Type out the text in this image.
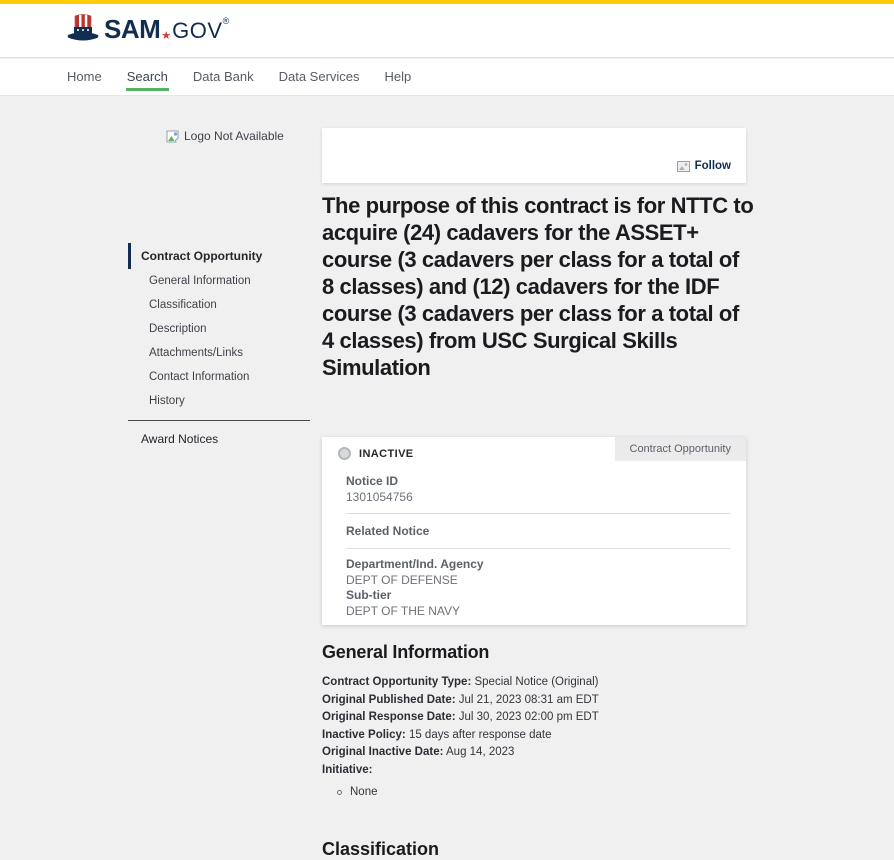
SAM ★ GOV ®
Home Search Data Bank Data Services Help
Logo Not Available
Contract Opportunity
General Information
Classification
Description
Attachments/Links
Contact Information
History
Award Notices
Follow
The purpose of this contract is for NTTC to acquire (24) cadavers for the ASSET+ course (3 cadavers per class for a total of 8 classes) and (12) cadavers for the IDF course (3 cadavers per class for a total of 4 classes) from USC Surgical Skills Simulation
Contract Opportunity
INACTIVE
Notice ID
1301054756
Related Notice
Department/Ind. Agency
DEPT OF DEFENSE
Sub-tier
DEPT OF THE NAVY
General Information
Contract Opportunity Type: Special Notice (Original)
Original Published Date: Jul 21, 2023 08:31 am EDT
Original Response Date: Jul 30, 2023 02:00 pm EDT
Inactive Policy: 15 days after response date
Original Inactive Date: Aug 14, 2023
Initiative:
None
Classification
